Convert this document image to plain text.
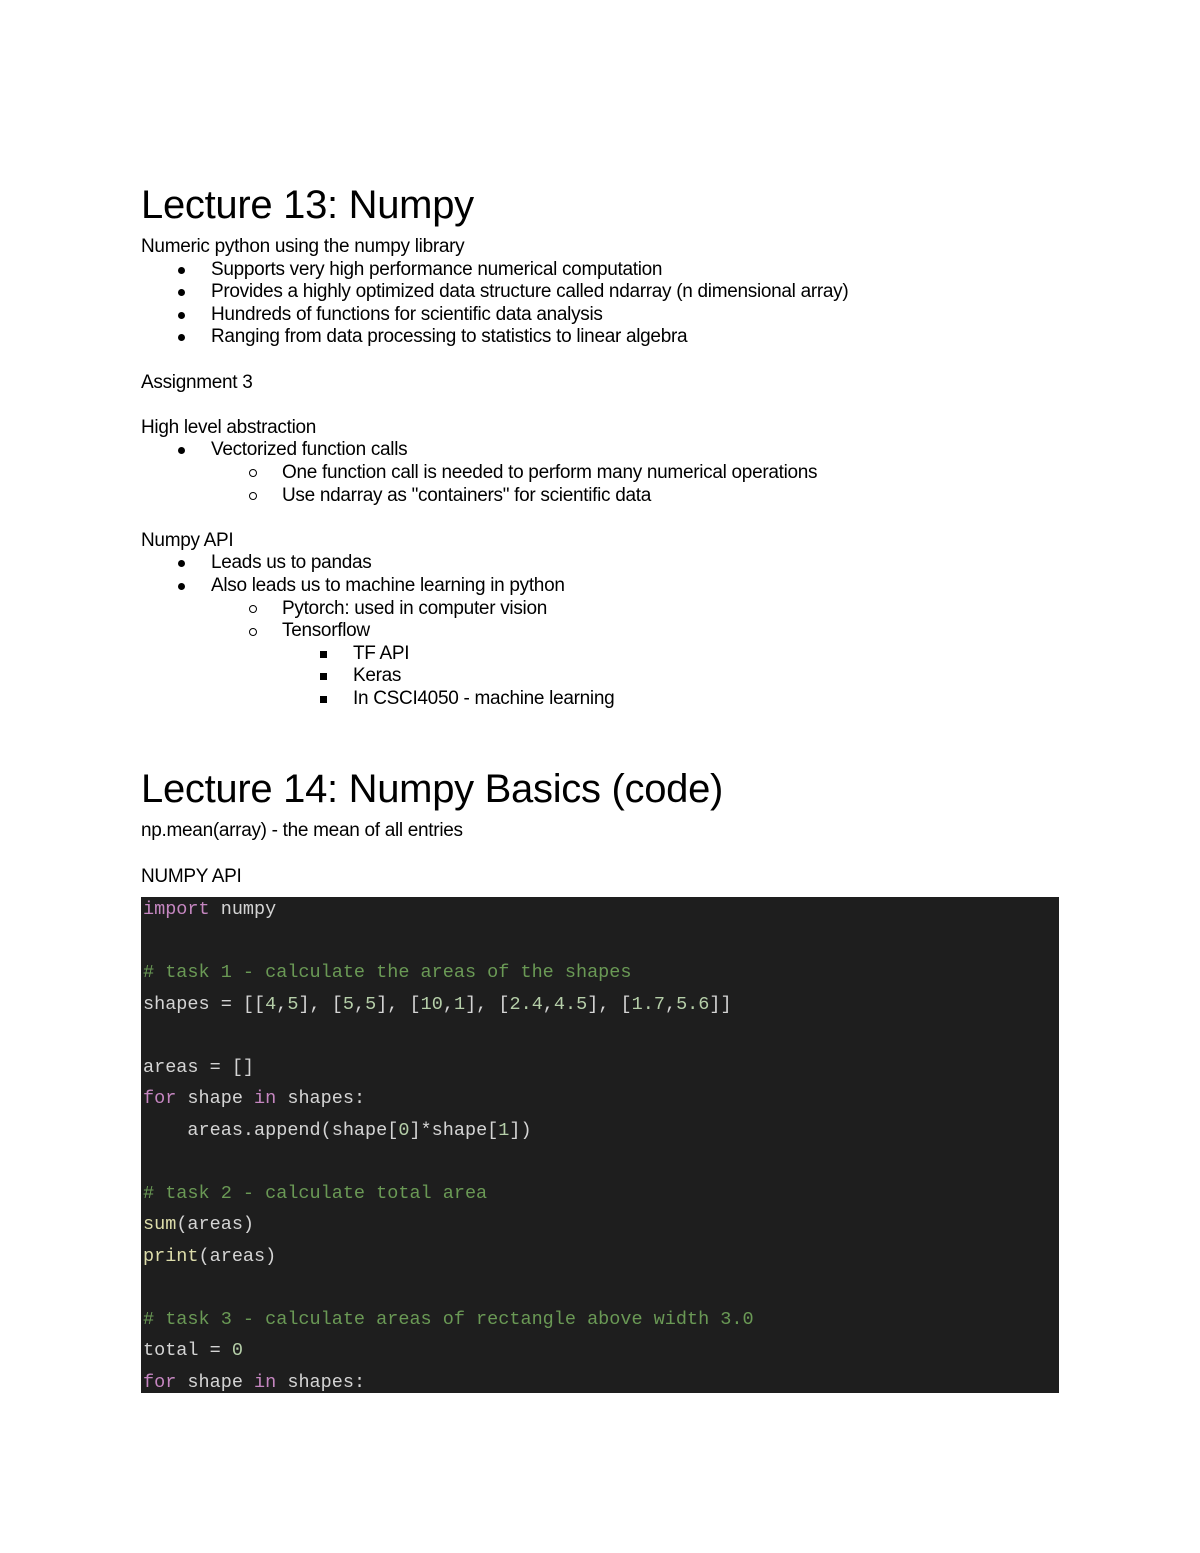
Lecture 13: Numpy

Numeric python using the numpy library

Supports very high performance numerical computation
Provides a highly optimized data structure called ndarray (n dimensional array)
Hundreds of functions for scientific data analysis
Ranging from data processing to statistics to linear algebra

Assignment 3

High level abstraction

Vectorized function calls
One function call is needed to perform many numerical operations
Use ndarray as "containers" for scientific data

Numpy API

Leads us to pandas
Also leads us to machine learning in python
Pytorch: used in computer vision
Tensorflow
TF API
Keras
In CSCI4050 - machine learning
Lecture 14: Numpy Basics (code)

np.mean(array) - the mean of all entries

NUMPY API

import numpy
# task 1 - calculate the areas of the shapes
shapes = [[4,5], [5,5], [10,1], [2.4,4.5], [1.7,5.6]]
areas = []
for shape in shapes:
areas.append(shape[0]*shape[1])
# task 2 - calculate total area
sum(areas)
print(areas)
# task 3 - calculate areas of rectangle above width 3.0
total = 0
for shape in shapes:
